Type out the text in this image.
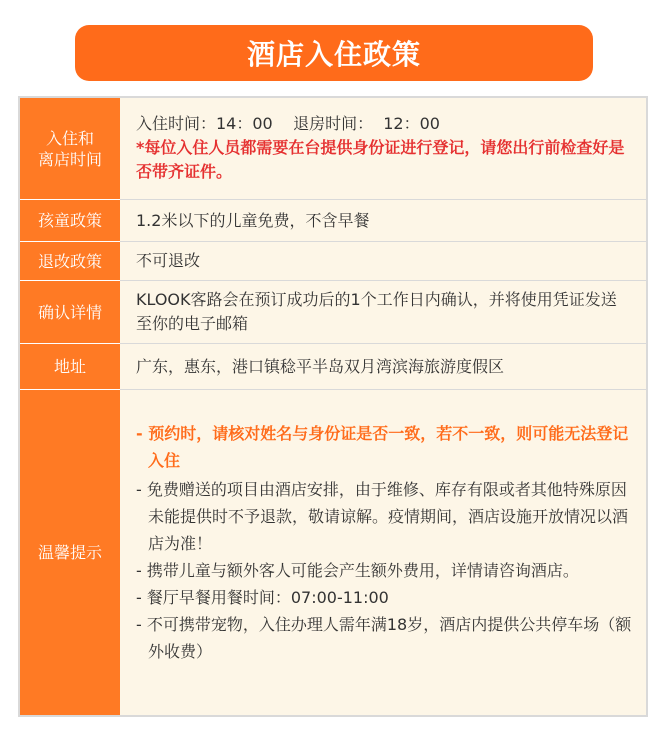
酒店入住政策
入住和
离店时间
入住时间：14：00    退房时间：  12：00
*每位入住人员都需要在台提供身份证进行登记，请您出行前检查好是否带齐证件。
孩童政策 1.2米以下的儿童免费，不含早餐
退改政策 不可退改
确认详情
KLOOK客路会在预订成功后的1个工作日内确认，并将使用凭证发送至你的电子邮箱
地址	广东，惠东，港口镇稔平半岛双月湾滨海旅游度假区
温馨提示

- 预约时，请核对姓名与身份证是否一致，若不一致，则可能无法登记入住

- 免费赠送的项目由酒店安排，由于维修、库存有限或者其他特殊原因未能提供时不予退款，敬请谅解。疫情期间，酒店设施开放情况以酒店为准！

- 携带儿童与额外客人可能会产生额外费用，详情请咨询酒店。

- 餐厅早餐用餐时间：07:00-11:00

- 不可携带宠物，入住办理人需年满18岁，酒店内提供公共停车场（额外收费）
